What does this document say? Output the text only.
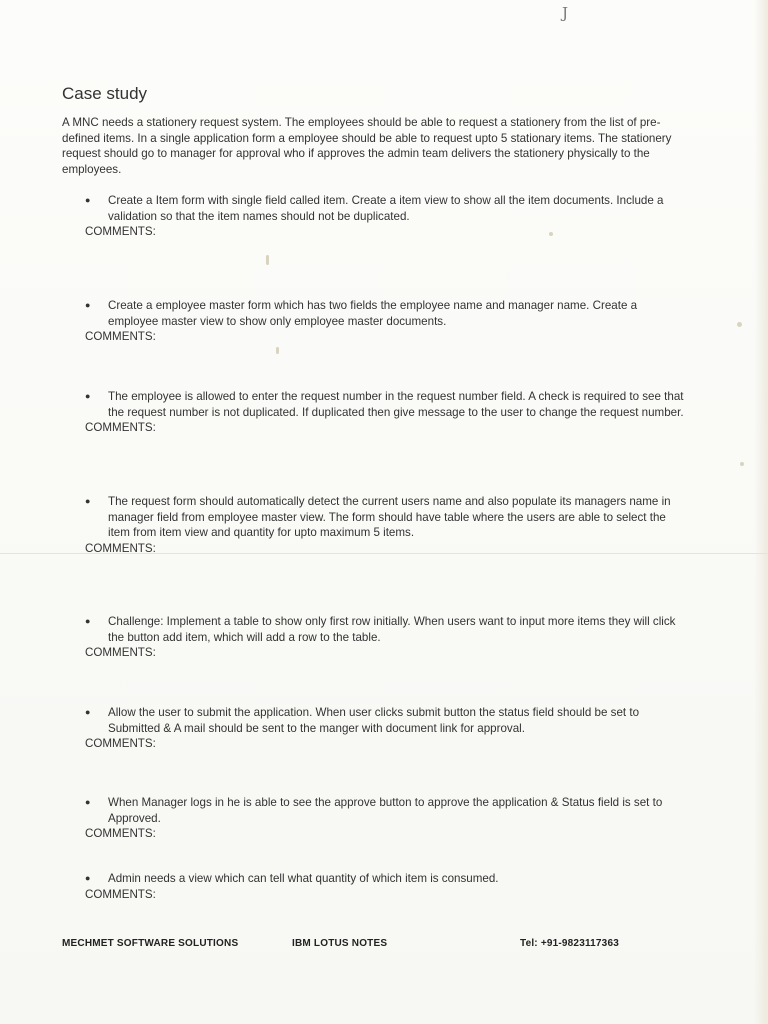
J
Case study

A MNC needs a stationery request system. The employees should be able to request a stationery from the list of pre-defined items. In a single application form a employee should be able to request upto 5 stationary items. The stationery request should go to manager for approval who if approves the admin team delivers the stationery physically to the employees.

●	Create a Item form with single field called item. Create a item view to show all the item documents. Include a validation so that the item names should not be duplicated.

COMMENTS:

●	Create a employee master form which has two fields the employee name and manager name. Create a employee master view to show only employee master documents.

COMMENTS:

●	The employee is allowed to enter the request number in the request number field. A check is required to see that the request number is not duplicated. If duplicated then give message to the user to change the request number.

COMMENTS:

●	The request form should automatically detect the current users name and also populate its managers name in manager field from employee master view. The form should have table where the users are able to select the item from item view and quantity for upto maximum 5 items.

COMMENTS:

●	Challenge: Implement a table to show only first row initially. When users want to input more items they will click the button add item, which will add a row to the table.

COMMENTS:

●	Allow the user to submit the application. When user clicks submit button the status field should be set to Submitted & A mail should be sent to the manger with document link for approval.

COMMENTS:

●	When Manager logs in he is able to see the approve button to approve the application & Status field is set to Approved.

COMMENTS:

●	Admin needs a view which can tell what quantity of which item is consumed.

COMMENTS:

MECHMET SOFTWARE SOLUTIONS	IBM LOTUS NOTES	Tel: +91-9823117363
